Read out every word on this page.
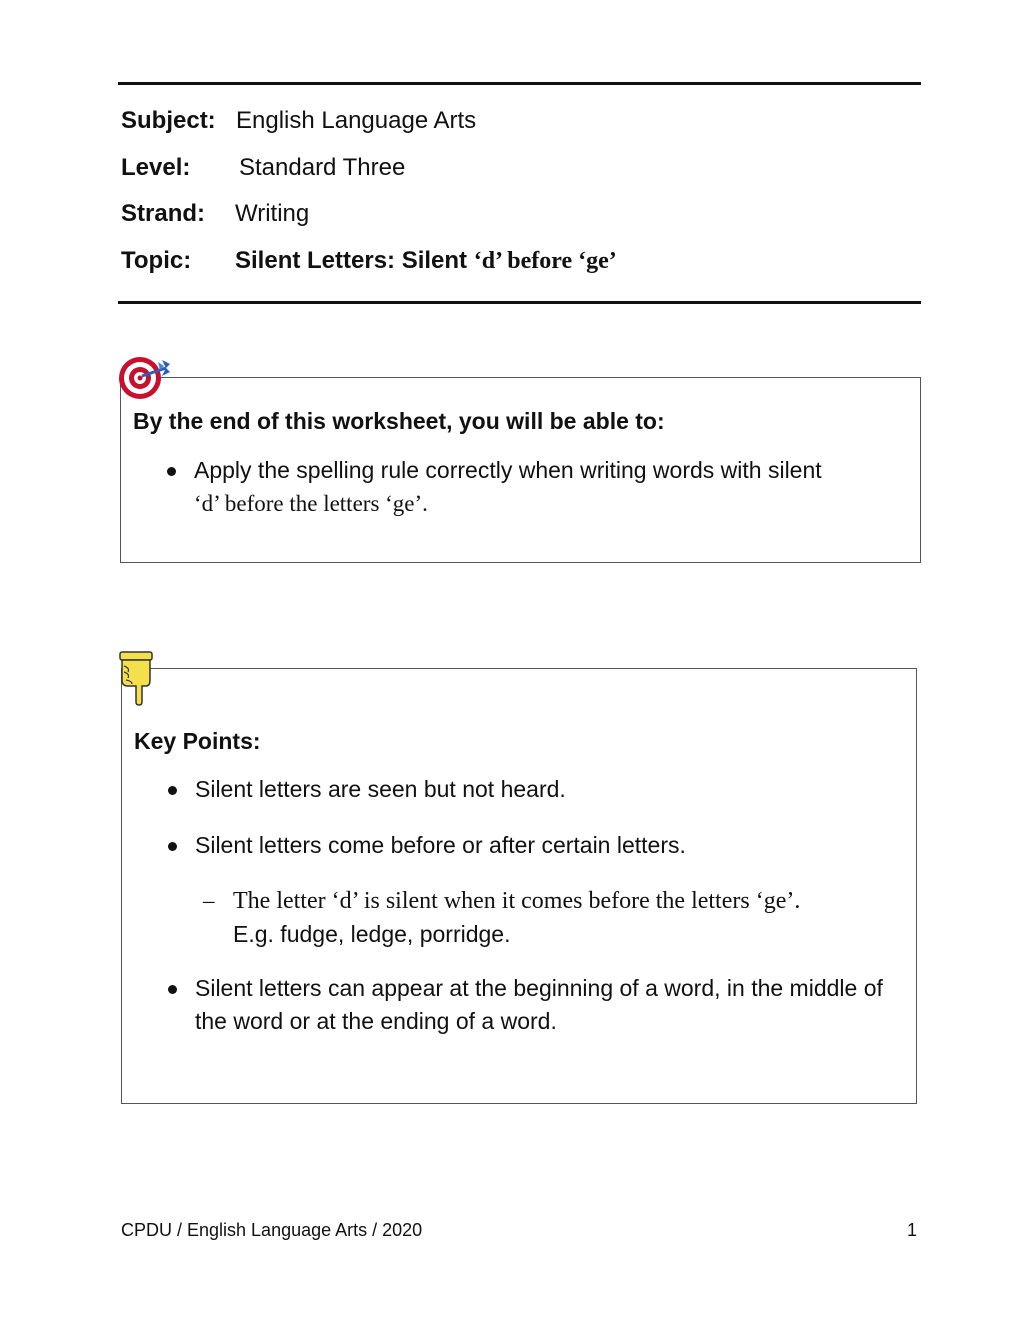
Subject: English Language Arts
Level:	Standard Three
Strand:	Writing
Topic:	Silent Letters: Silent ‘d’ before ‘ge’
By the end of this worksheet, you will be able to:
Apply the spelling rule correctly when writing words with silent
‘d’ before the letters ‘ge’.
Key Points:
Silent letters are seen but not heard.
Silent letters come before or after certain letters.
– The letter ‘d’ is silent when it comes before the letters ‘ge’.
E.g. fudge, ledge, porridge.
Silent letters can appear at the beginning of a word, in the middle of the word or at the ending of a word.
CPDU / English Language Arts / 2020	1
